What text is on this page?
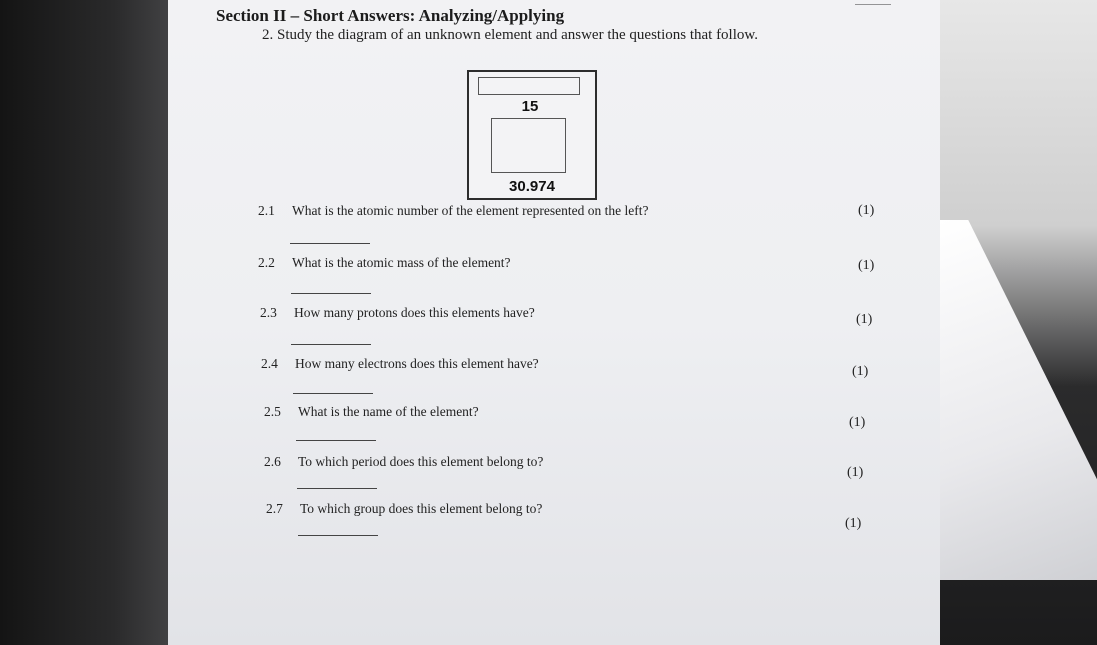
Section II – Short Answers: Analyzing/Applying
2. Study the diagram of an unknown element and answer the questions that follow.
15
30.974
2.1 What is the atomic number of the element represented on the left?	(1)
2.2 What is the atomic mass of the element?	(1)
2.3 How many protons does this elements have?	(1)
2.4 How many electrons does this element have?
(1)
2.5 What is the name of the element?
(1)
2.6 To which period does this element belong to?
(1)
2.7 To which group does this element belong to?
(1)
